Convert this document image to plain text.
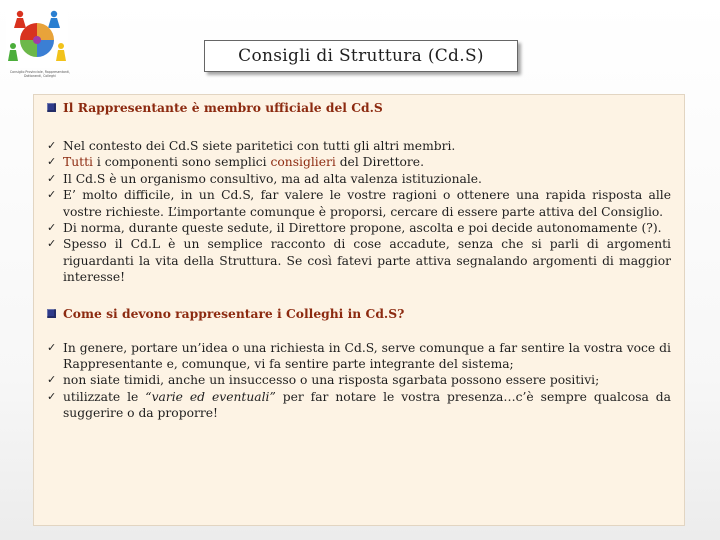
Consiglio Provinciale, Rappresentanti, Dottorandi, Colleghi
Consigli di Struttura (Cd.S)
Il Rappresentante è membro ufficiale del Cd.S
✓ Nel contesto dei Cd.S siete paritetici con tutti gli altri membri.
✓ Tutti i componenti sono semplici consiglieri del Direttore.
✓ Il Cd.S è un organismo consultivo, ma ad alta valenza istituzionale.
✓ E’ molto difficile, in un Cd.S, far valere le vostre ragioni o ottenere una rapida risposta alle vostre richieste. L’importante comunque è proporsi, cercare di essere parte attiva del Consiglio.
✓ Di norma, durante queste sedute, il Direttore propone, ascolta e poi decide autonomamente (?).
✓ Spesso il Cd.L è un semplice racconto di cose accadute, senza che si parli di argomenti riguardanti la vita della Struttura. Se così fatevi parte attiva segnalando argomenti di maggior interesse!
Come si devono rappresentare i Colleghi in Cd.S?
✓ In genere, portare un’idea o una richiesta in Cd.S, serve comunque a far sentire la vostra voce di Rappresentante e, comunque, vi fa sentire parte integrante del sistema;
✓ non siate timidi, anche un insuccesso o una risposta sgarbata possono essere positivi;
✓ utilizzate le “varie ed eventuali” per far notare le vostra presenza…c’è sempre qualcosa da suggerire o da proporre!
